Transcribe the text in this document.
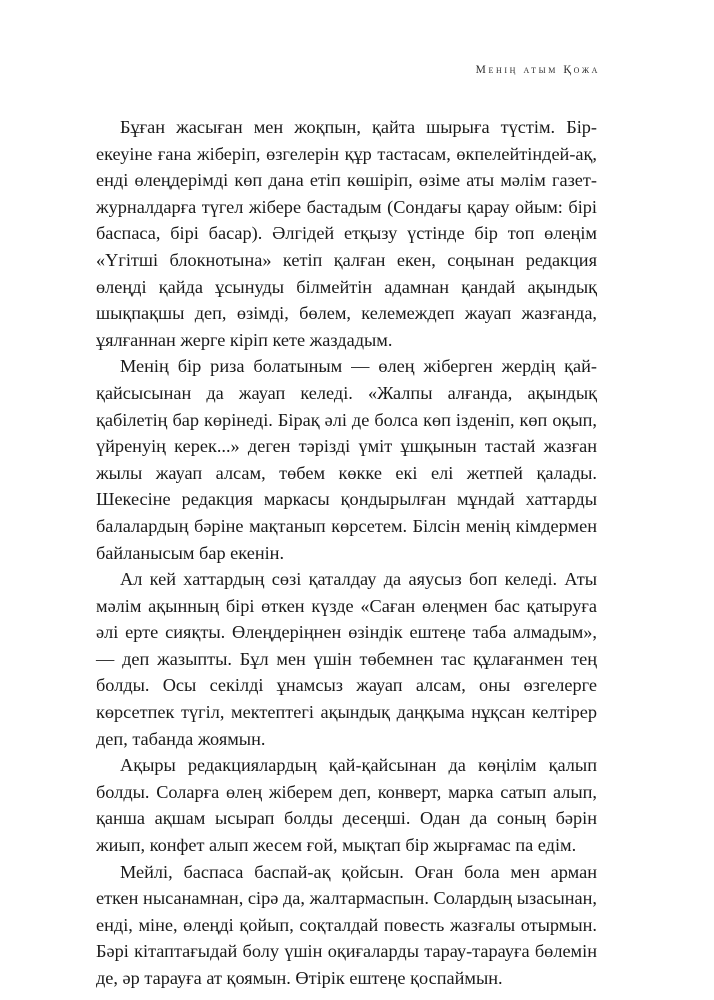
Менің атым Қожа

Бұған жасыған мен жоқпын, қайта шырыға түстім. Бір-екеуіне ғана жіберіп, өзгелерін құр тастасам, өкпелейтіндей-ақ, енді өлеңдерімді көп дана етіп көшіріп, өзіме аты мәлім газет-журналдарға түгел жібере бастадым (Сондағы қарау ойым: бірі баспаса, бірі басар). Әлгідей етқызу үстінде бір топ өлеңім «Үгітші блокнотына» кетіп қалған екен, соңынан редакция өлеңді қайда ұсынуды білмейтін адамнан қандай ақындық шықпақшы деп, өзімді, бөлем, келемеждеп жауап жазғанда, ұялғаннан жерге кіріп кете жаздадым.

Менің бір риза болатыным — өлең жіберген жердің қай-қайсысынан да жауап келеді. «Жалпы алғанда, ақындық қабілетің бар көрінеді. Бірақ әлі де болса көп ізденіп, көп оқып, үйренуің керек...» деген тәрізді үміт ұшқынын тастай жазған жылы жауап алсам, төбем көкке екі елі жетпей қалады. Шекесіне редакция маркасы қондырылған мұндай хаттарды балалардың бәріне мақтанып көрсетем. Білсін менің кімдермен байланысым бар екенін.

Ал кей хаттардың сөзі қаталдау да аяусыз боп келеді. Аты мәлім ақынның бірі өткен күзде «Саған өлеңмен бас қатыруға әлі ерте сияқты. Өлеңдеріңнен өзіндік ештеңе таба алмадым», — деп жазыпты. Бұл мен үшін төбемнен тас құлағанмен тең болды. Осы секілді ұнамсыз жауап алсам, оны өзгелерге көрсетпек түгіл, мектептегі ақындық даңқыма нұқсан келтірер деп, табанда жоямын.

Ақыры редакциялардың қай-қайсынан да көңілім қалып болды. Соларға өлең жіберем деп, конверт, марка сатып алып, қанша ақшам ысырап болды десеңші. Одан да соның бәрін жиып, конфет алып жесем ғой, мықтап бір жырғамас па едім.

Мейлі, баспаса баспай-ақ қойсын. Оған бола мен арман еткен нысанамнан, сірә да, жалтармаспын. Солардың ызасынан, енді, міне, өлеңді қойып, соқталдай повесть жазғалы отырмын. Бәрі кітаптағыдай болу үшін оқиғаларды тарау-тарауға бөлемін де, әр тарауға ат қоямын. Өтірік ештеңе қоспаймын.
